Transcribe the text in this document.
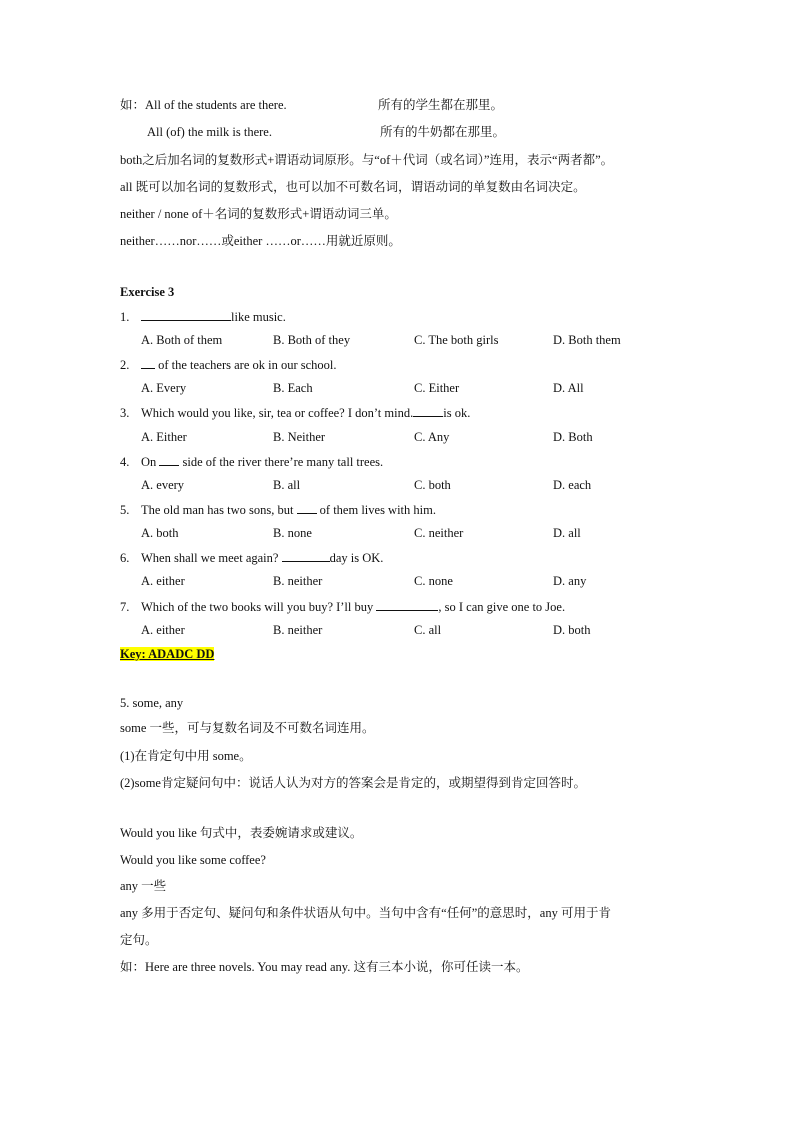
如：All of the students are there.	所有的学生都在那里。
All (of) the milk is there.	所有的牛奶都在那里。
both之后加名词的复数形式+谓语动词原形。与“of＋代词（或名词）”连用，表示“两者都”。
all 既可以加名词的复数形式，也可以加不可数名词，谓语动词的单复数由名词决定。
neither / none of＋名词的复数形式+谓语动词三单。
neither……nor……或either ……or……用就近原则。
Exercise 3
1.	like music.
A. Both of them	B. Both of they	C. The both girls	D. Both them
2. of the teachers are ok in our school.
A. Every	B. Each	C. Either	D. All
3. Which would you like, sir, tea or coffee? I don’t mind. is ok.
A. Either	B. Neither	C. Any	D. Both
4. On  side of the river there’re many tall trees.
A. every	B. all	C. both	D. each
5. The old man has two sons, but  of them lives with him.
A. both	B. none	C. neither	D. all
6. When shall we meet again?	day is OK.
A. either	B. neither	C. none	D. any
7. Which of the two books will you buy? I’ll buy	, so I can give one to Joe.
A. either	B. neither	C. all	D. both
Key: ADADC DD
5. some, any
some 一些，可与复数名词及不可数名词连用。
(1)在肯定句中用 some。
(2)some肯定疑问句中：说话人认为对方的答案会是肯定的，或期望得到肯定回答时。
Would you like 句式中，表委婉请求或建议。
Would you like some coffee?
any 一些
any 多用于否定句、疑问句和条件状语从句中。当句中含有“任何”的意思时，any 可用于肯
定句。
如：Here are three novels. You may read any. 这有三本小说，你可任读一本。
